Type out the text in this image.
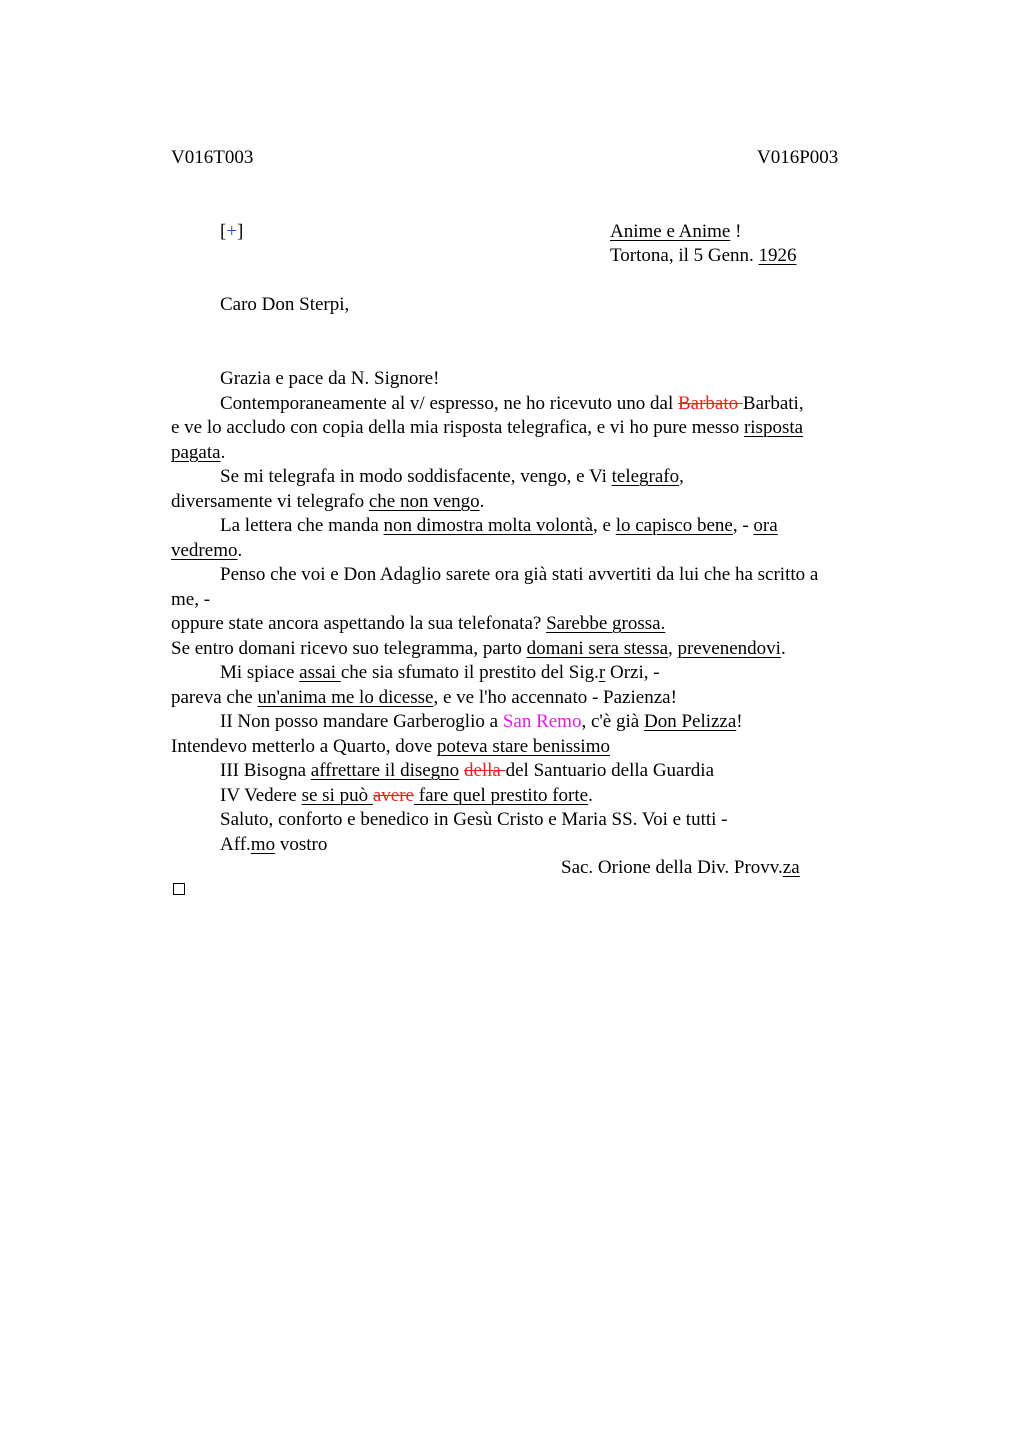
V016T003	V016P003
[+]	Anime e Anime !
Tortona, il 5 Genn. 1926
Caro Don Sterpi,
Grazia e pace da N. Signore!
Contemporaneamente al v/ espresso, ne ho ricevuto uno dal Barbato Barbati,
e ve lo accludo con copia della mia risposta telegrafica, e vi ho pure messo risposta
pagata.
Se mi telegrafa in modo soddisfacente, vengo, e Vi telegrafo,
diversamente vi telegrafo che non vengo.
La lettera che manda non dimostra molta volontà, e lo capisco bene, - ora
vedremo.
Penso che voi e Don Adaglio sarete ora già stati avvertiti da lui che ha scritto a
me, -
oppure state ancora aspettando la sua telefonata? Sarebbe grossa.
Se entro domani ricevo suo telegramma, parto domani sera stessa, prevenendovi.
Mi spiace assai che sia sfumato il prestito del Sig.r Orzi, -
pareva che un'anima me lo dicesse, e ve l'ho accennato - Pazienza!
II Non posso mandare Garberoglio a San Remo, c'è già Don Pelizza!
Intendevo metterlo a Quarto, dove poteva stare benissimo
III Bisogna affrettare il disegno della del Santuario della Guardia
IV Vedere se si può avere fare quel prestito forte.
Saluto, conforto e benedico in Gesù Cristo e Maria SS. Voi e tutti -
Aff.mo vostro
Sac. Orione della Div. Provv.za
